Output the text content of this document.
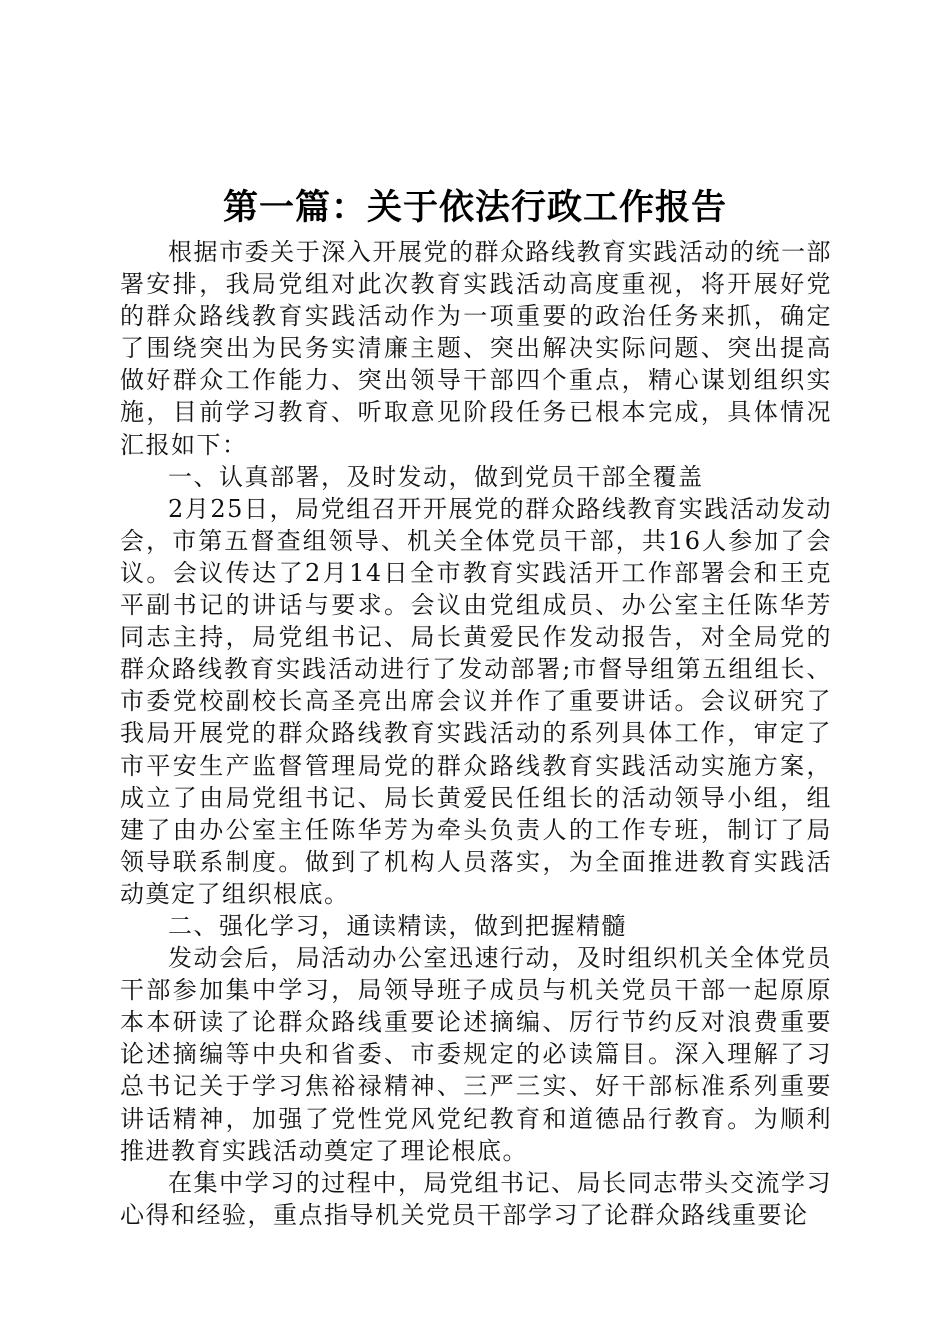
第一篇：关于依法行政工作报告

根据市委关于深入开展党的群众路线教育实践活动的统一部署安排，我局党组对此次教育实践活动高度重视，将开展好党的群众路线教育实践活动作为一项重要的政治任务来抓，确定了围绕突出为民务实清廉主题、突出解决实际问题、突出提高做好群众工作能力、突出领导干部四个重点，精心谋划组织实施，目前学习教育、听取意见阶段任务已根本完成，具体情况汇报如下：

一、认真部署，及时发动，做到党员干部全覆盖

2月25日，局党组召开开展党的群众路线教育实践活动发动会，市第五督查组领导、机关全体党员干部，共16人参加了会议。会议传达了2月14日全市教育实践活开工作部署会和王克平副书记的讲话与要求。会议由党组成员、办公室主任陈华芳同志主持，局党组书记、局长黄爱民作发动报告，对全局党的群众路线教育实践活动进行了发动部署;市督导组第五组组长、市委党校副校长高圣亮出席会议并作了重要讲话。会议研究了我局开展党的群众路线教育实践活动的系列具体工作，审定了市平安生产监督管理局党的群众路线教育实践活动实施方案，成立了由局党组书记、局长黄爱民任组长的活动领导小组，组建了由办公室主任陈华芳为牵头负责人的工作专班，制订了局领导联系制度。做到了机构人员落实，为全面推进教育实践活动奠定了组织根底。

二、强化学习，通读精读，做到把握精髓

发动会后，局活动办公室迅速行动，及时组织机关全体党员干部参加集中学习，局领导班子成员与机关党员干部一起原原本本研读了论群众路线重要论述摘编、厉行节约反对浪费重要论述摘编等中央和省委、市委规定的必读篇目。深入理解了习总书记关于学习焦裕禄精神、三严三实、好干部标准系列重要讲话精神，加强了党性党风党纪教育和道德品行教育。为顺利推进教育实践活动奠定了理论根底。

在集中学习的过程中，局党组书记、局长同志带头交流学习心得和经验，重点指导机关党员干部学习了论群众路线重要论
